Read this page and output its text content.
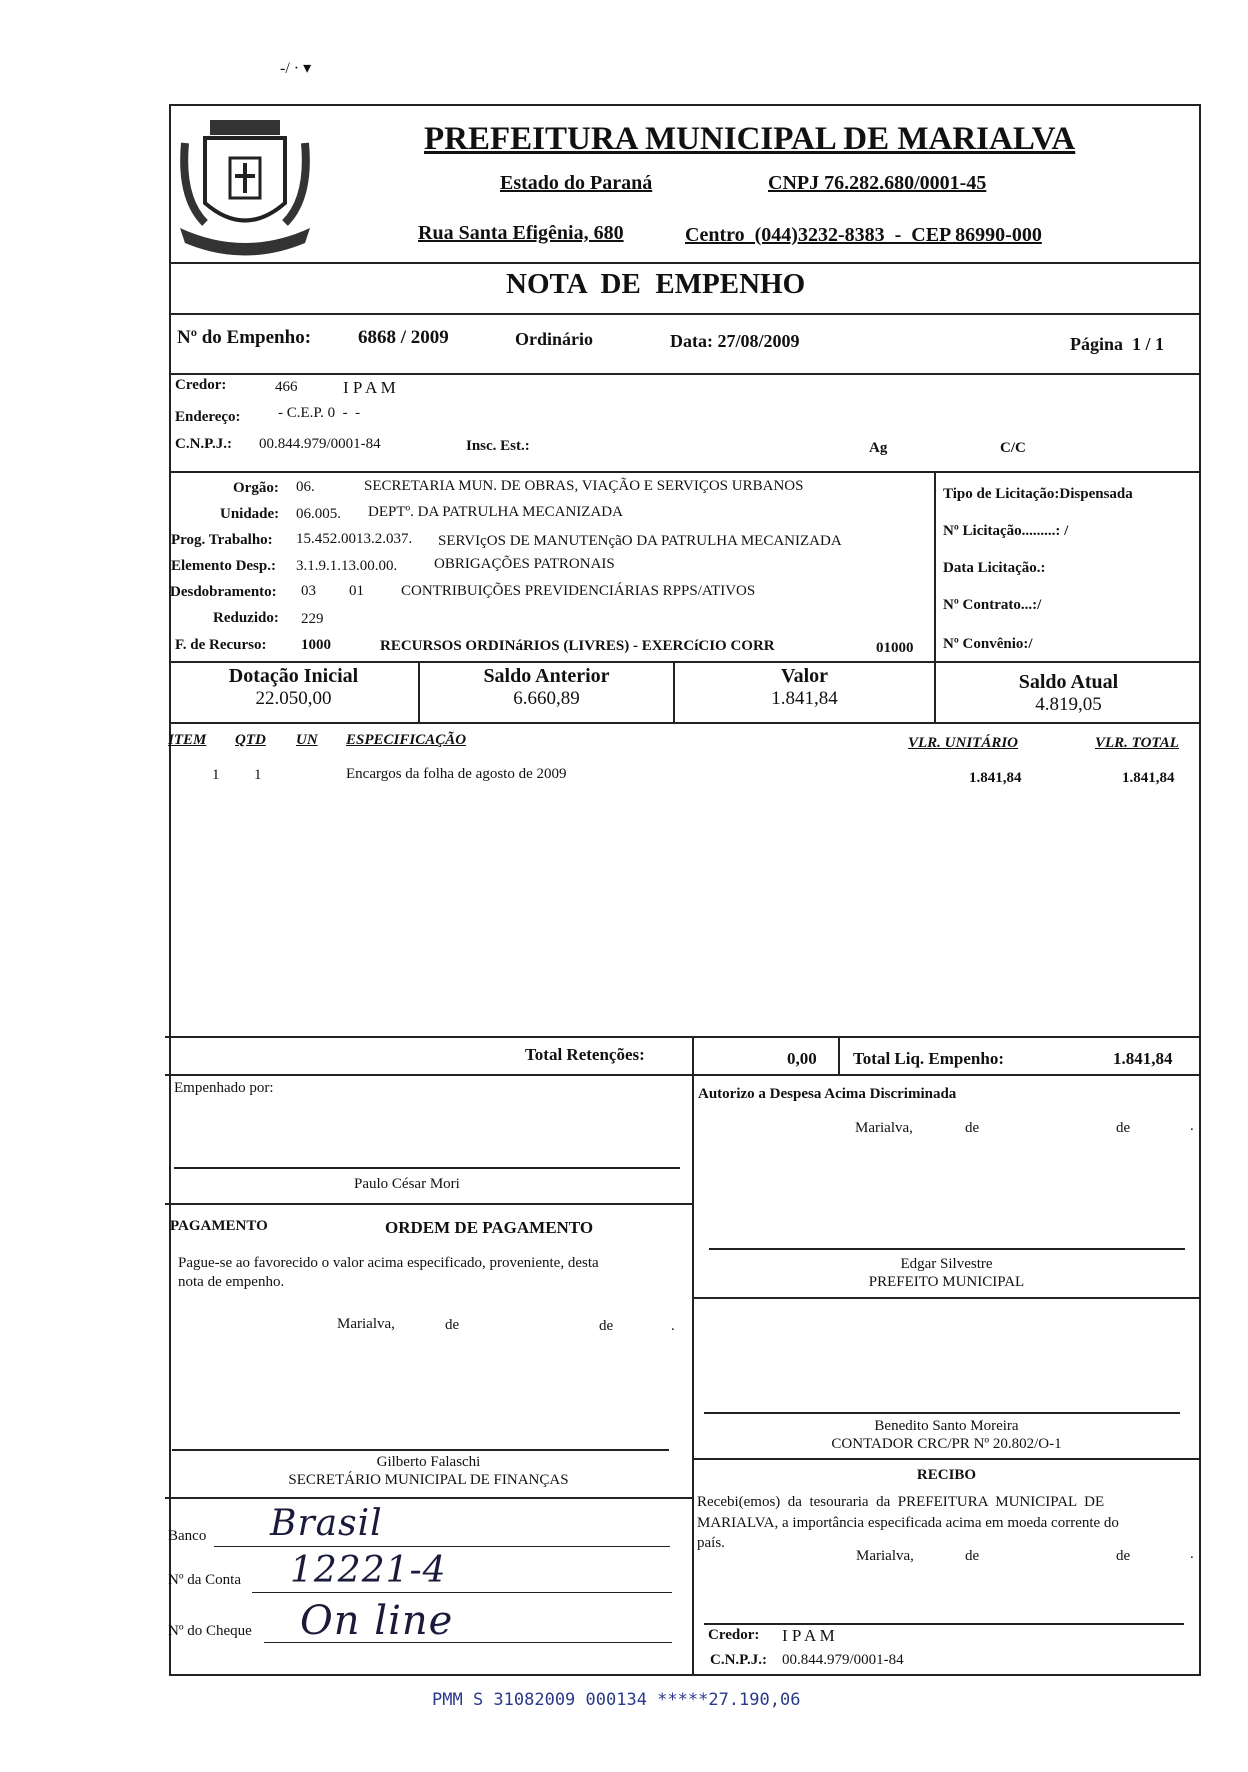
-/ · ▾
PREFEITURA MUNICIPAL DE MARIALVA
Estado do Paraná	CNPJ 76.282.680/0001-45
Rua Santa Efigênia, 680	Centro  (044)3232-8383  -  CEP 86990-000
NOTA  DE  EMPENHO
Nº do Empenho: 6868 / 2009	Ordinário	Data: 27/08/2009	Página  1 / 1
Credor:	466	I P A M
Endereço: - C.E.P. 0  -  -
C.N.P.J.: 00.844.979/0001-84	Insc. Est.:	Ag	C/C
Orgão: 06.	SECRETARIA MUN. DE OBRAS, VIAÇÃO E SERVIÇOS URBANOS
Unidade: 06.005. DEPTº. DA PATRULHA MECANIZADA
Prog. Trabalho: 15.452.0013.2.037. SERVIçOS DE MANUTENçãO DA PATRULHA MECANIZADA
Elemento Desp.: 3.1.9.1.13.00.00. OBRIGAÇÕES PATRONAIS
Desdobramento: 03 01 CONTRIBUIÇÕES PREVIDENCIÁRIAS RPPS/ATIVOS
Reduzido: 229
F. de Recurso: 1000	RECURSOS ORDINáRIOS (LIVRES) - EXERCíCIO CORR	01000
Tipo de Licitação:Dispensada
Nº Licitação.........: /
Data Licitação.:
Nº Contrato...:/
Nº Convênio:/
Dotação Inicial
22.050,00
Saldo Anterior
6.660,89
Valor
1.841,84
Saldo Atual
4.819,05
ITEM QTD UN ESPECIFICAÇÃO	VLR. UNITÁRIO	VLR. TOTAL
1 1	Encargos da folha de agosto de 2009	1.841,84	1.841,84
Total Retenções:	0,00 Total Liq. Empenho:	1.841,84
Empenhado por:
Paulo César Mori
PAGAMENTO	ORDEM DE PAGAMENTO
Pague-se ao favorecido o valor acima especificado, proveniente, desta
nota de empenho.
Marialva,	de	de	.
Gilberto Falaschi
SECRETÁRIO MUNICIPAL DE FINANÇAS
Banco Brasil
Nº da Conta 12221-4
Nº do Cheque On line
Autorizo a Despesa Acima Discriminada
Marialva,	de	de	.
Edgar Silvestre
PREFEITO MUNICIPAL
Benedito Santo Moreira
CONTADOR CRC/PR Nº 20.802/O-1
RECIBO
Recebi(emos)  da  tesouraria  da  PREFEITURA  MUNICIPAL  DE
MARIALVA, a importância especificada acima em moeda corrente do
país.
Marialva,	de	de	.
Credor: I P A M
C.N.P.J.: 00.844.979/0001-84
PMM S 31082009 000134 *****27.190,06
